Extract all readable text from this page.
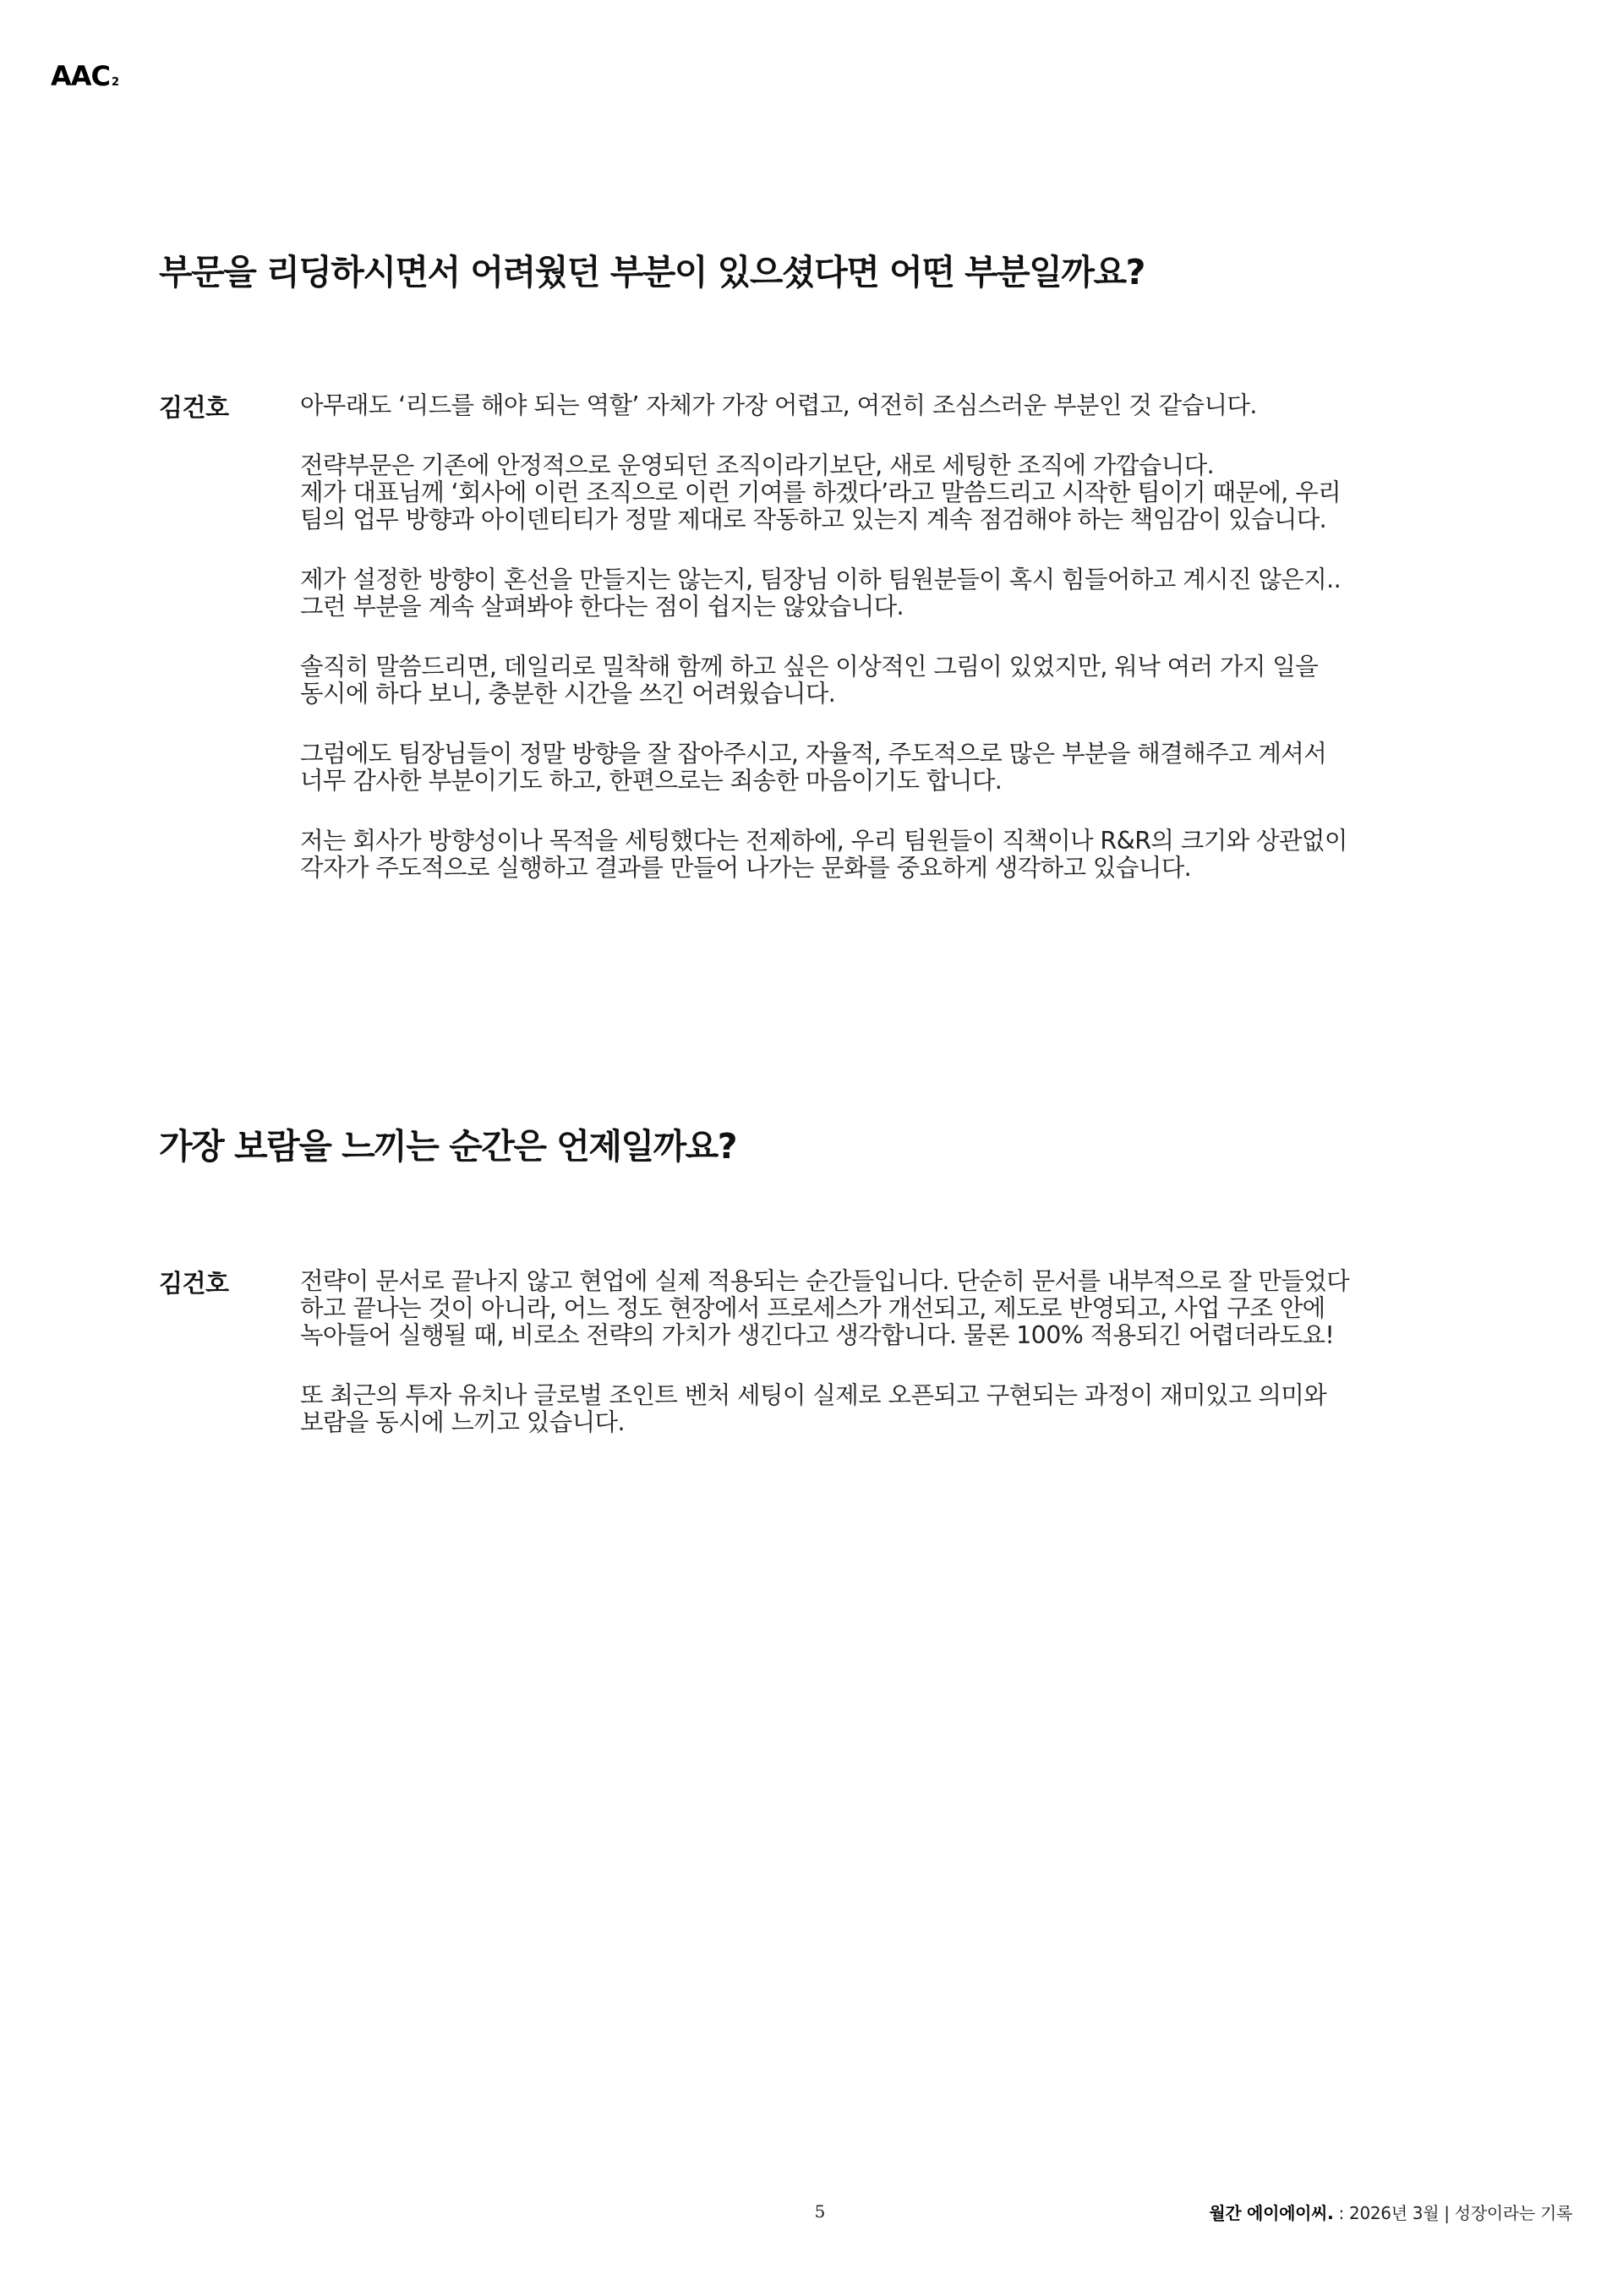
AAC 2
부문을 리딩하시면서 어려웠던 부분이 있으셨다면 어떤 부분일까요?
김건호	아무래도 ‘리드를 해야 되는 역할’ 자체가 가장 어렵고, 여전히 조심스러운 부분인 것 같습니다.

전략부문은 기존에 안정적으로 운영되던 조직이라기보단, 새로 세팅한 조직에 가깝습니다.
제가 대표님께 ‘회사에 이런 조직으로 이런 기여를 하겠다’라고 말씀드리고 시작한 팀이기 때문에, 우리
팀의 업무 방향과 아이덴티티가 정말 제대로 작동하고 있는지 계속 점검해야 하는 책임감이 있습니다.

제가 설정한 방향이 혼선을 만들지는 않는지, 팀장님 이하 팀원분들이 혹시 힘들어하고 계시진 않은지..
그런 부분을 계속 살펴봐야 한다는 점이 쉽지는 않았습니다.

솔직히 말씀드리면, 데일리로 밀착해 함께 하고 싶은 이상적인 그림이 있었지만, 워낙 여러 가지 일을
동시에 하다 보니, 충분한 시간을 쓰긴 어려웠습니다.

그럼에도 팀장님들이 정말 방향을 잘 잡아주시고, 자율적, 주도적으로 많은 부분을 해결해주고 계셔서
너무 감사한 부분이기도 하고, 한편으로는 죄송한 마음이기도 합니다.

저는 회사가 방향성이나 목적을 세팅했다는 전제하에, 우리 팀원들이 직책이나 R&R의 크기와 상관없이
각자가 주도적으로 실행하고 결과를 만들어 나가는 문화를 중요하게 생각하고 있습니다.

가장 보람을 느끼는 순간은 언제일까요?
김건호	전략이 문서로 끝나지 않고 현업에 실제 적용되는 순간들입니다. 단순히 문서를 내부적으로 잘 만들었다
하고 끝나는 것이 아니라, 어느 정도 현장에서 프로세스가 개선되고, 제도로 반영되고, 사업 구조 안에
녹아들어 실행될 때, 비로소 전략의 가치가 생긴다고 생각합니다. 물론 100% 적용되긴 어렵더라도요!

또 최근의 투자 유치나 글로벌 조인트 벤처 세팅이 실제로 오픈되고 구현되는 과정이 재미있고 의미와
보람을 동시에 느끼고 있습니다.

5	월간 에이에이씨. : 2026년 3월 | 성장이라는 기록
